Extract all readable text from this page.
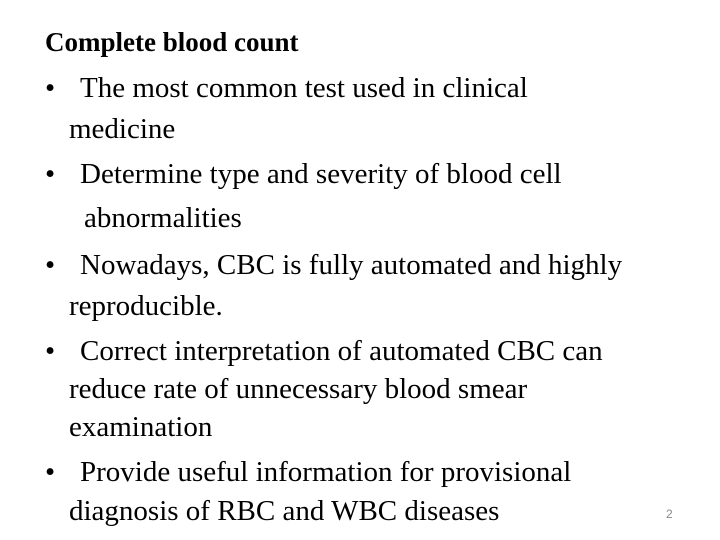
Complete blood count
• The most common test used in clinical
medicine
• Determine type and severity of blood cell
abnormalities
• Nowadays, CBC is fully automated and highly
reproducible.
• Correct interpretation of automated CBC can
reduce rate of unnecessary blood smear
examination
• Provide useful information for provisional
diagnosis of RBC and WBC diseases	2
